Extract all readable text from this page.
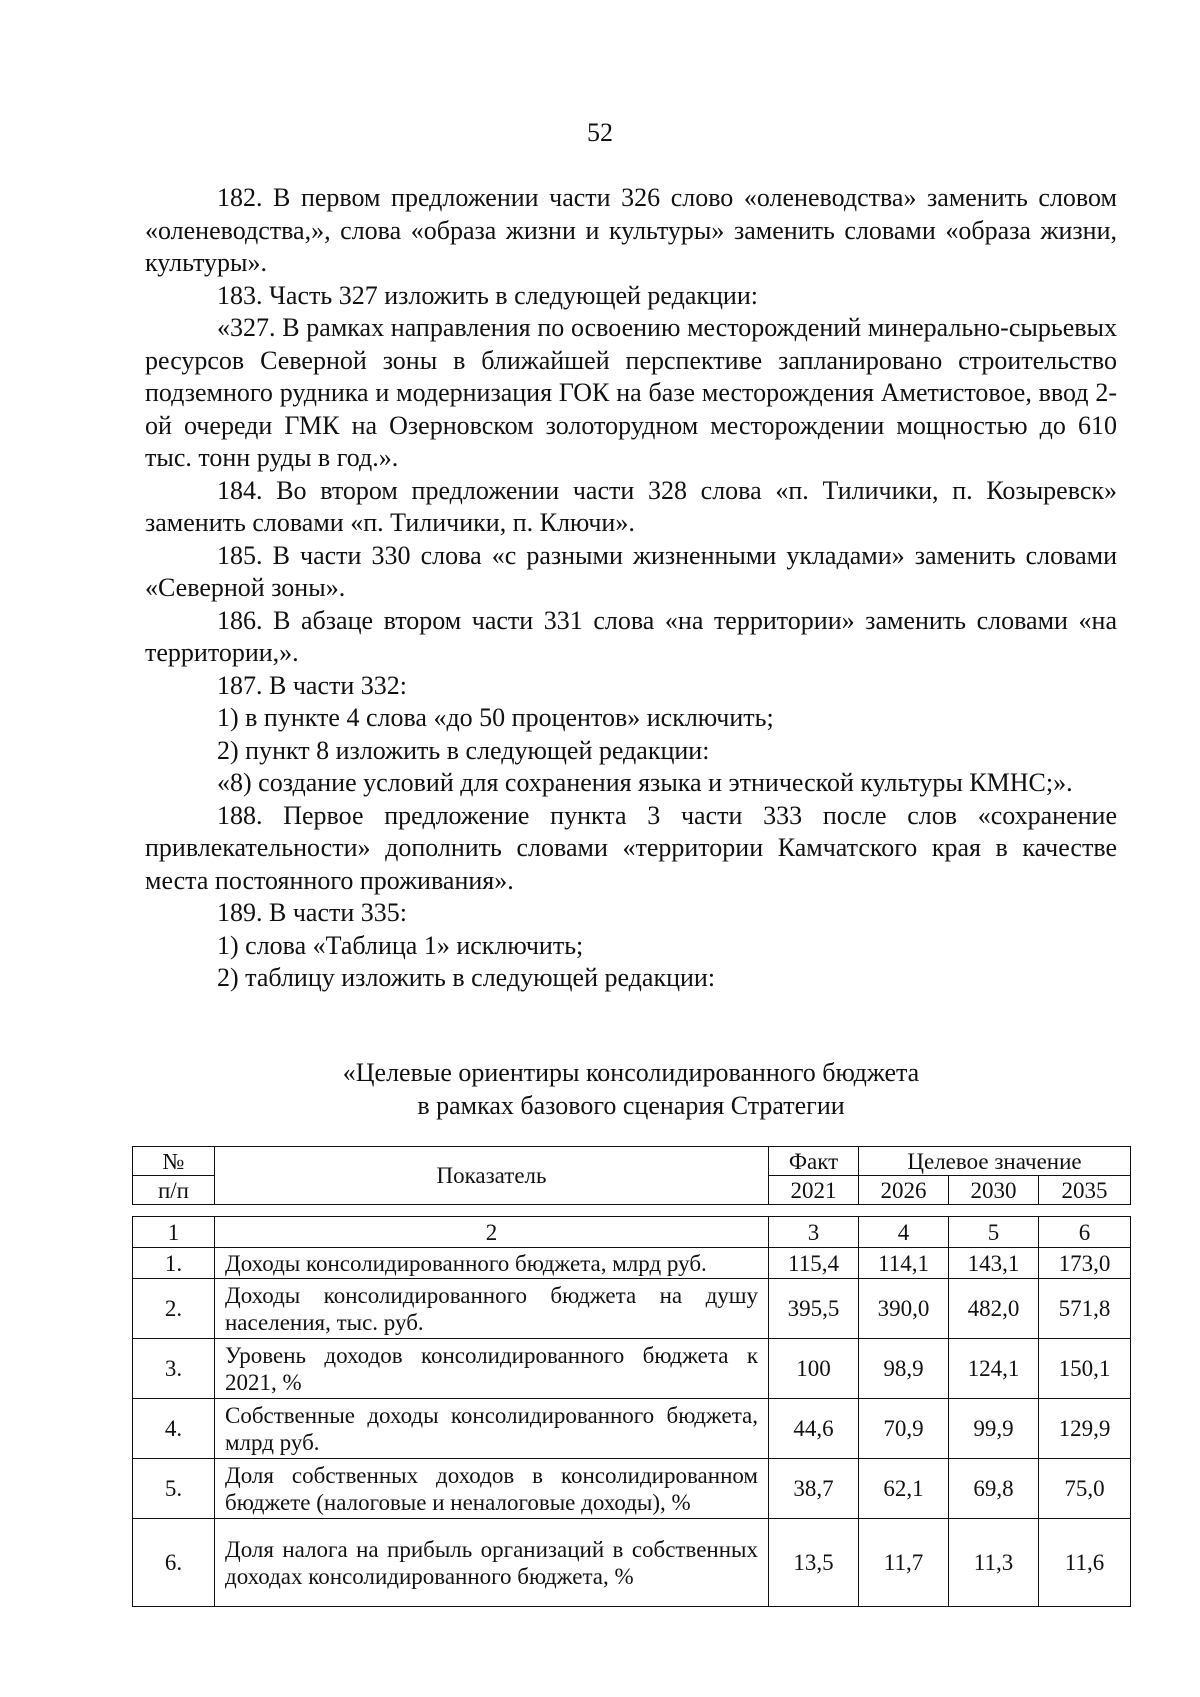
52

182. В первом предложении части 326 слово «оленеводства» заменить словом «оленеводства,», слова «образа жизни и культуры» заменить словами «образа жизни, культуры».

183. Часть 327 изложить в следующей редакции:

«327. В рамках направления по освоению месторождений минерально-сырьевых ресурсов Северной зоны в ближайшей перспективе запланировано строительство подземного рудника и модернизация ГОК на базе месторождения Аметистовое, ввод 2-ой очереди ГМК на Озерновском золоторудном месторождении мощностью до 610 тыс. тонн руды в год.».

184. Во втором предложении части 328 слова «п. Тиличики, п. Козыревск» заменить словами «п. Тиличики, п. Ключи».

185. В части 330 слова «с разными жизненными укладами» заменить словами «Северной зоны».

186. В абзаце втором части 331 слова «на территории» заменить словами «на территории,».

187. В части 332:

1) в пункте 4 слова «до 50 процентов» исключить;

2) пункт 8 изложить в следующей редакции:

«8) создание условий для сохранения языка и этнической культуры КМНС;».

188. Первое предложение пункта 3 части 333 после слов «сохранение привлекательности» дополнить словами «территории Камчатского края в качестве места постоянного проживания».

189. В части 335:

1) слова «Таблица 1» исключить;

2) таблицу изложить в следующей редакции:

«Целевые ориентиры консолидированного бюджета
в рамках базового сценария Стратегии
№	Показатель	Факт	Целевое значение		
п/п		2021	2026	2030	2035
1	2	3	4	5	6
1.	Доходы консолидированного бюджета, млрд руб.	115,4	114,1	143,1	173,0
2.	Доходы консолидированного бюджета на душу населения, тыс. руб.	395,5	390,0	482,0	571,8
3.	Уровень доходов консолидированного бюджета к 2021, %	100	98,9	124,1	150,1
4.	Собственные доходы консолидированного бюджета, млрд руб.	44,6	70,9	99,9	129,9
5.	Доля собственных доходов в консолидированном бюджете (налоговые и неналоговые доходы), %	38,7	62,1	69,8	75,0
6.	Доля налога на прибыль организаций в собственных доходах консолидированного бюджета, %	13,5	11,7	11,3	11,6
